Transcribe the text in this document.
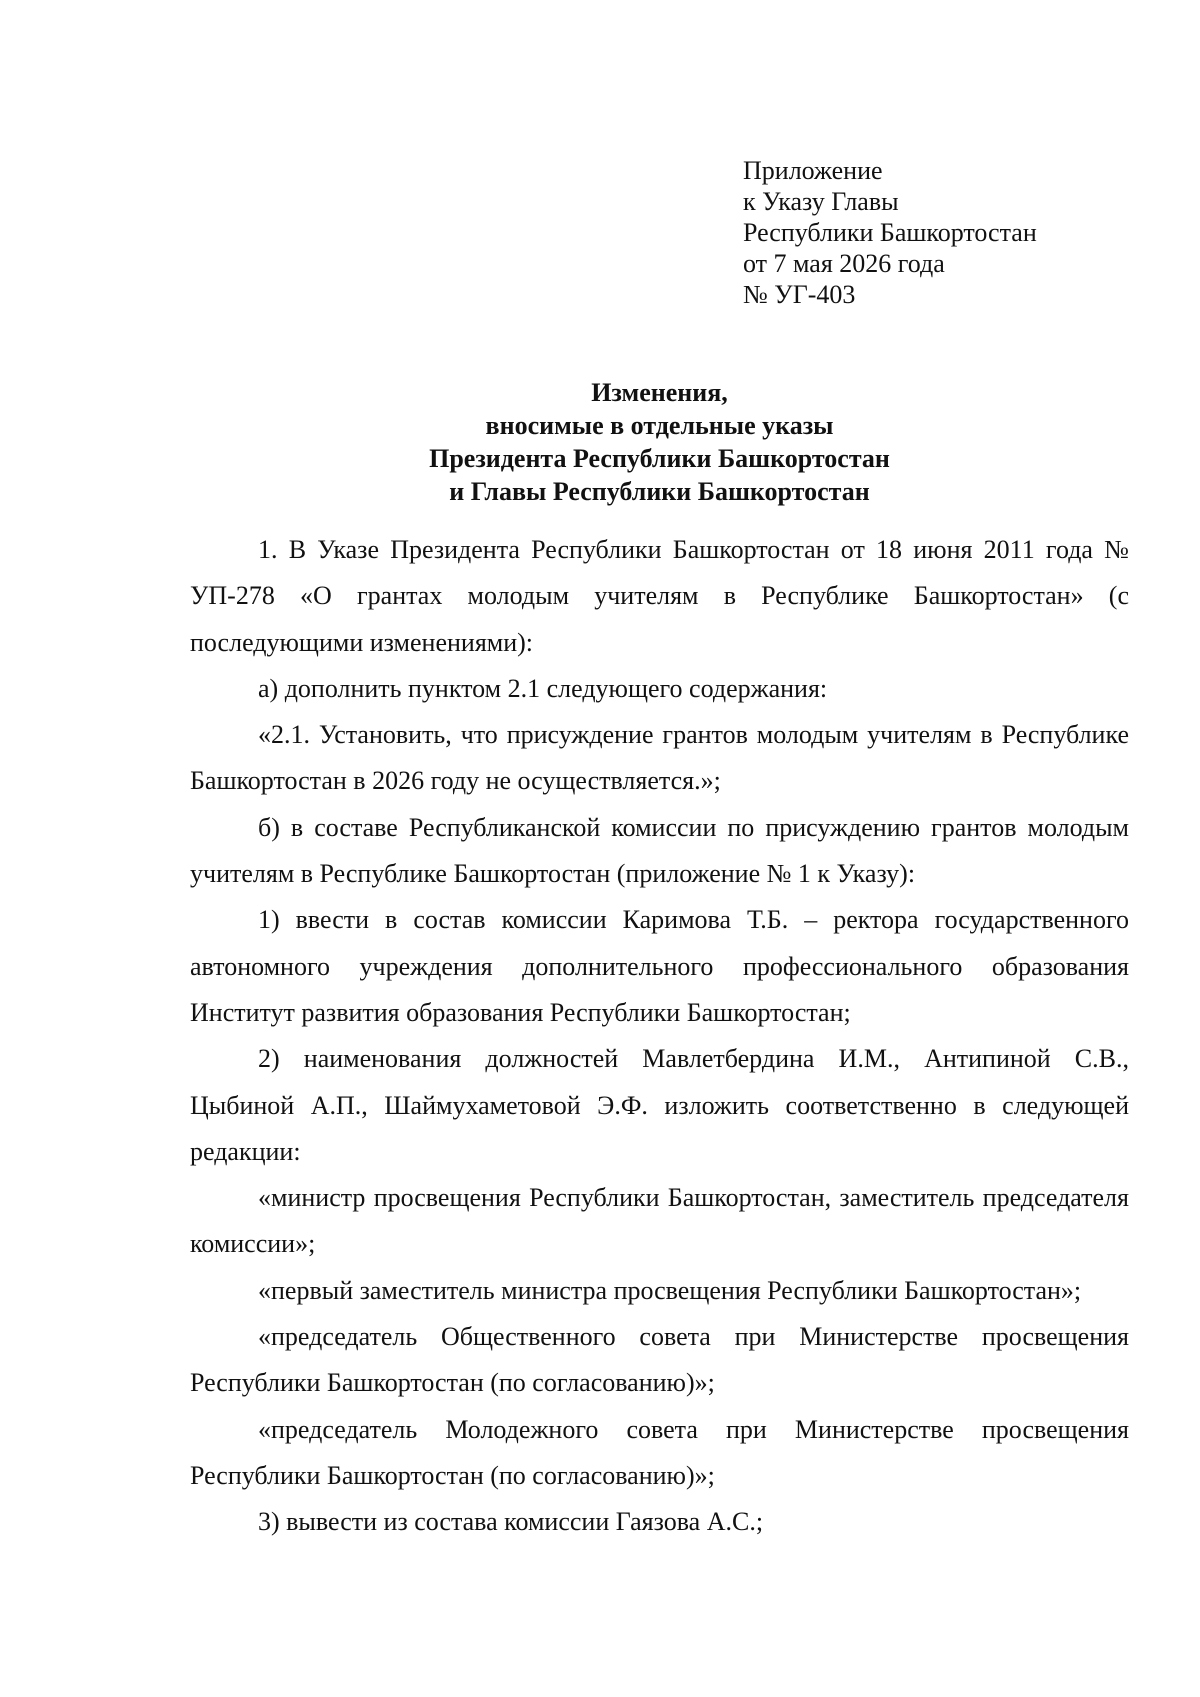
Приложение
к Указу Главы
Республики Башкортостан
от 7 мая 2026 года
№ УГ-403
Изменения,
вносимые в отдельные указы
Президента Республики Башкортостан
и Главы Республики Башкортостан

1. В Указе Президента Республики Башкортостан от 18 июня 2011 года № УП-278 «О грантах молодым учителям в Республике Башкортостан» (с последующими изменениями):

а) дополнить пунктом 2.1 следующего содержания:

«2.1. Установить, что присуждение грантов молодым учителям в Республике Башкортостан в 2026 году не осуществляется.»;

б) в составе Республиканской комиссии по присуждению грантов молодым учителям в Республике Башкортостан (приложение № 1 к Указу):

1) ввести в состав комиссии Каримова Т.Б. – ректора государственного автономного учреждения дополнительного профессионального образования Институт развития образования Республики Башкортостан;

2) наименования должностей Мавлетбердина И.М., Антипиной С.В., Цыбиной А.П., Шаймухаметовой Э.Ф. изложить соответственно в следующей редакции:

«министр просвещения Республики Башкортостан, заместитель председателя комиссии»;

«первый заместитель министра просвещения Республики Башкортостан»;

«председатель Общественного совета при Министерстве просвещения Республики Башкортостан (по согласованию)»;

«председатель Молодежного совета при Министерстве просвещения Республики Башкортостан (по согласованию)»;

3) вывести из состава комиссии Гаязова А.С.;
